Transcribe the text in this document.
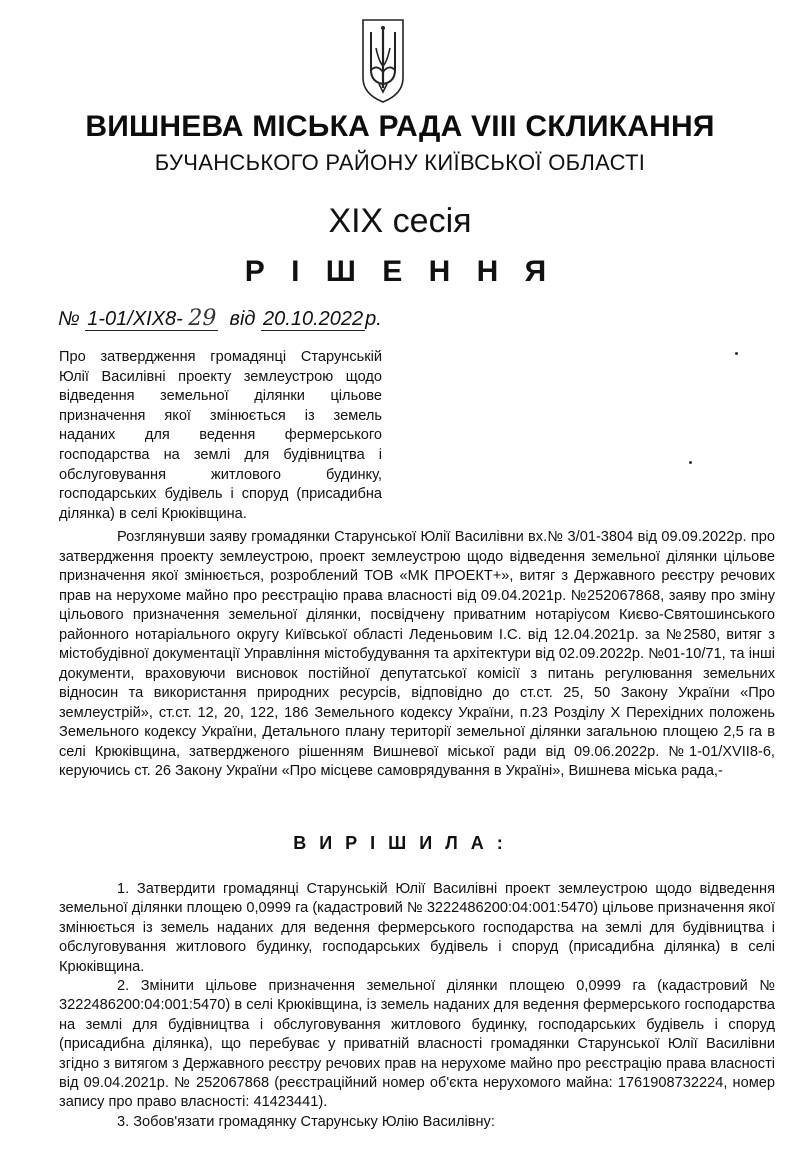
ВИШНЕВА МІСЬКА РАДА VIII СКЛИКАННЯ
БУЧАНСЬКОГО РАЙОНУ КИЇВСЬКОЇ ОБЛАСТІ
XIX сесія
Р І Ш Е Н Н Я
№ 1-01/XIX8- 29 від 20.10.2022 р.
Про затвердження громадянці Старунській Юлії Василівні проекту землеустрою щодо відведення земельної ділянки цільове призначення якої змінюється із земель наданих для ведення фермерського господарства на землі для будівництва і обслуговування житлового будинку, господарських будівель і споруд (присадибна ділянка) в селі Крюківщина.

Розглянувши заяву громадянки Старунської Юлії Василівни вх.№ 3/01-3804 від 09.09.2022р. про затвердження проекту землеустрою, проект землеустрою щодо відведення земельної ділянки цільове призначення якої змінюється, розроблений ТОВ «МК ПРОЕКТ+», витяг з Державного реєстру речових прав на нерухоме майно про реєстрацію права власності від 09.04.2021р. №252067868, заяву про зміну цільового призначення земельної ділянки, посвідчену приватним нотаріусом Києво-Святошинського районного нотаріального округу Київської області Леденьовим І.С. від 12.04.2021р. за №2580, витяг з містобудівної документації Управління містобудування та архітектури від 02.09.2022р. №01-10/71, та інші документи, враховуючи висновок постійної депутатської комісії з питань регулювання земельних відносин та використання природних ресурсів, відповідно до ст.ст. 25, 50 Закону України «Про землеустрій», ст.ст. 12, 20, 122, 186 Земельного кодексу України, п.23 Розділу Х Перехідних положень Земельного кодексу України, Детального плану території земельної ділянки загальною площею 2,5 га в селі Крюківщина, затвердженого рішенням Вишневої міської ради від 09.06.2022р. №1-01/XVII8-6, керуючись ст. 26 Закону України «Про місцеве самоврядування в Україні», Вишнева міська рада,-

В И Р І Ш И Л А :

1. Затвердити громадянці Старунській Юлії Василівні проект землеустрою щодо відведення земельної ділянки площею 0,0999 га (кадастровий № 3222486200:04:001:5470) цільове призначення якої змінюється із земель наданих для ведення фермерського господарства на землі для будівництва і обслуговування житлового будинку, господарських будівель і споруд (присадибна ділянка) в селі Крюківщина.

2. Змінити цільове призначення земельної ділянки площею 0,0999 га (кадастровий № 3222486200:04:001:5470) в селі Крюківщина, із земель наданих для ведення фермерського господарства на землі для будівництва і обслуговування житлового будинку, господарських будівель і споруд (присадибна ділянка), що перебуває у приватній власності громадянки Старунської Юлії Василівни згідно з витягом з Державного реєстру речових прав на нерухоме майно про реєстрацію права власності від 09.04.2021р. № 252067868 (реєстраційний номер об'єкта нерухомого майна: 1761908732224, номер запису про право власності: 41423441).

3. Зобов'язати громадянку Старунську Юлію Василівну:
